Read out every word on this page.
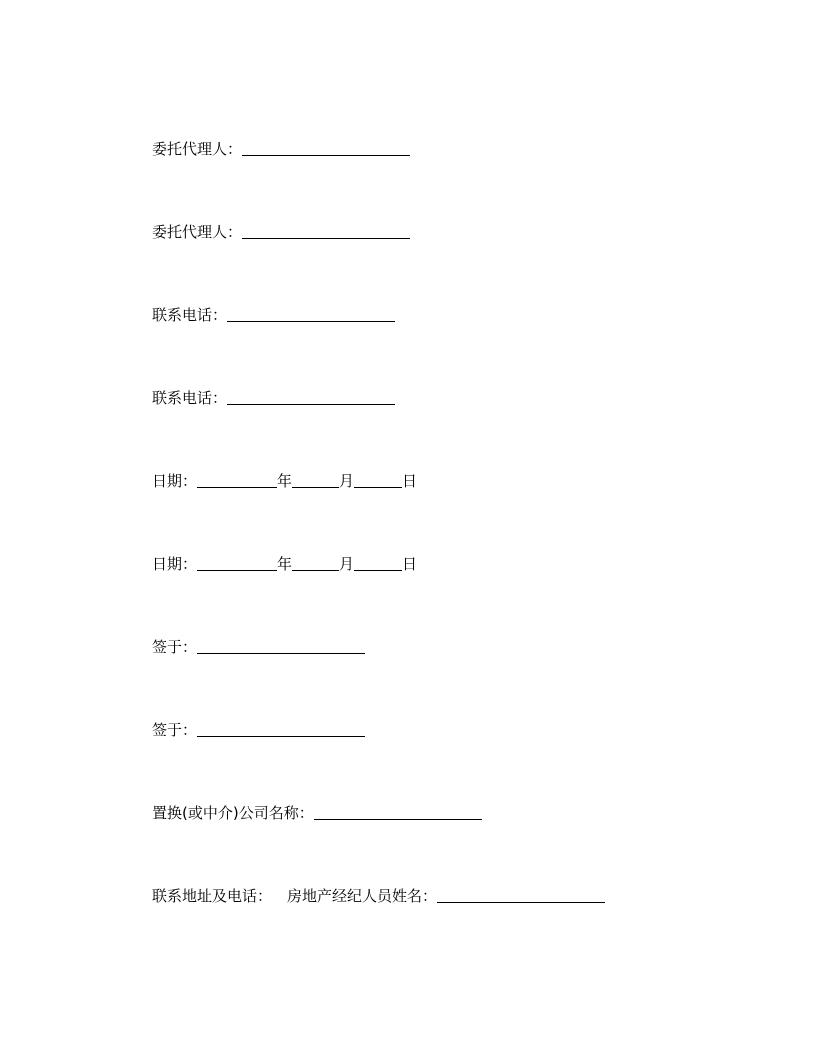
委托代理人：
委托代理人：
联系电话：
联系电话：
日期：	年	月	日
日期：	年	月	日
签于：
签于：
置换(或中介)公司名称：
联系地址及电话： 房地产经纪人员姓名：
